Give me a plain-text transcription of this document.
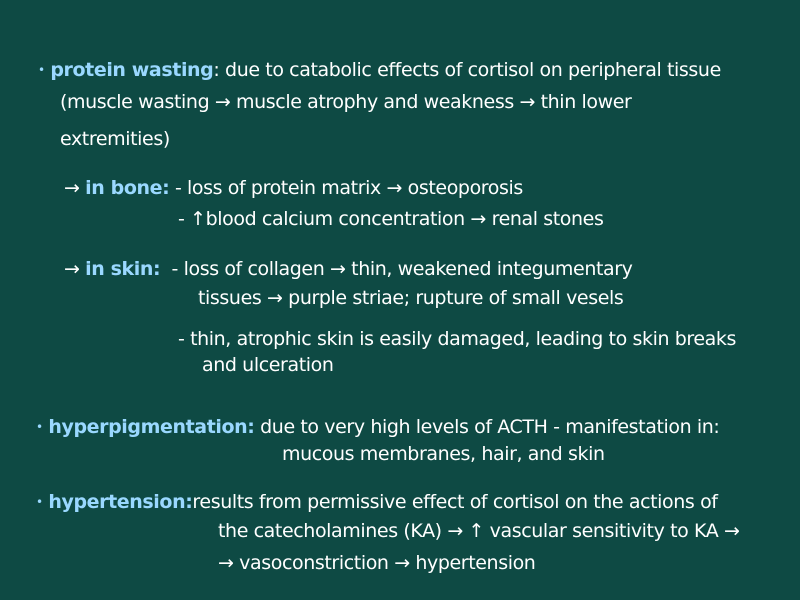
• protein wasting: due to catabolic effects of cortisol on peripheral tissue
(muscle wasting → muscle atrophy and weakness → thin lower
extremities)
→ in bone: - loss of protein matrix → osteoporosis
- ↑blood calcium concentration → renal stones
→ in skin: - loss of collagen → thin, weakened integumentary
tissues → purple striae; rupture of small vesels
- thin, atrophic skin is easily damaged, leading to skin breaks
and ulceration
• hyperpigmentation: due to very high levels of ACTH - manifestation in:
mucous membranes, hair, and skin
• hypertension:results from permissive effect of cortisol on the actions of
the catecholamines (KA) → ↑ vascular sensitivity to KA →
→ vasoconstriction → hypertension
